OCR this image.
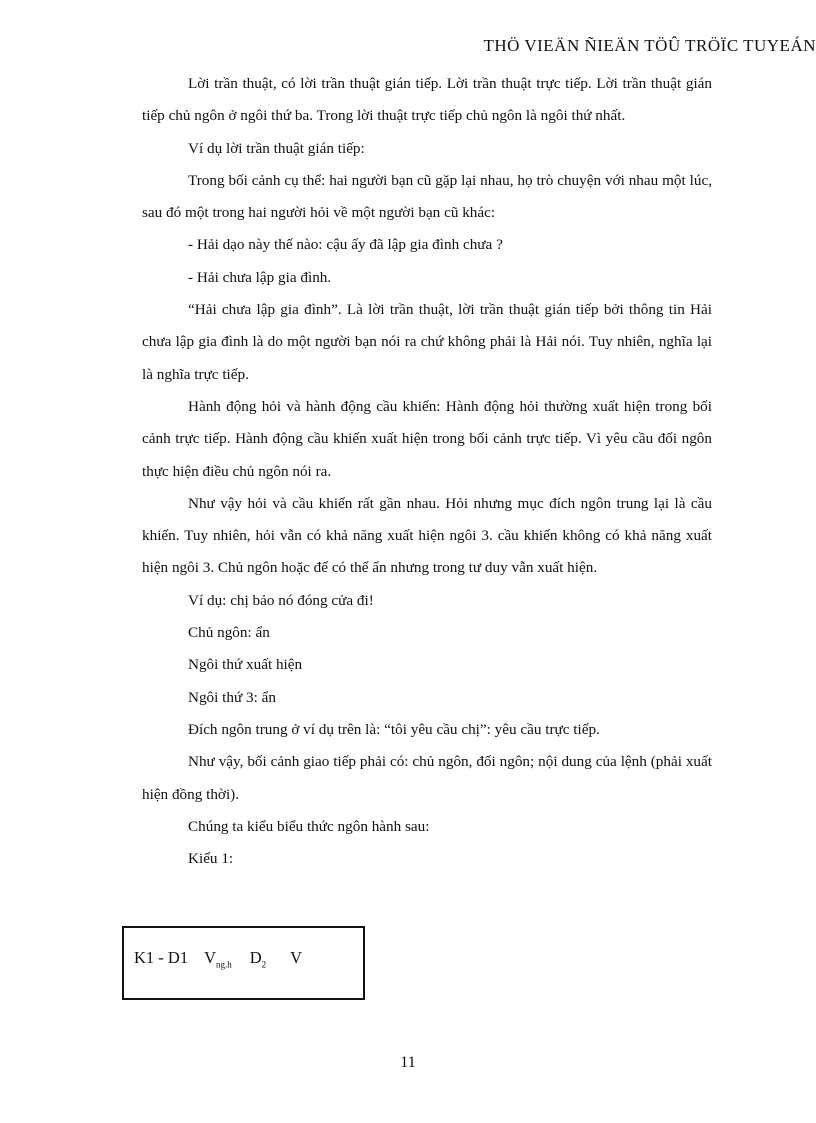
THÖ VIEÄN ÑIEÄN TÖÛ TRÖÏC TUYEÁN

Lời trần thuật, có lời trần thuật gián tiếp. Lời trần thuật trực tiếp. Lời trần thuật gián tiếp chủ ngôn ở ngôi thứ ba. Trong lời thuật trực tiếp chủ ngôn là ngôi thứ nhất.

Ví dụ lời trần thuật gián tiếp:

Trong bối cảnh cụ thể: hai người bạn cũ gặp lại nhau, họ trò chuyện với nhau một lúc, sau đó một trong hai người hỏi về một người bạn cũ khác:

- Hải dạo này thế nào: cậu ấy đã lập gia đình chưa ?

- Hải chưa lập gia đình.

“Hải chưa lập gia đình”. Là lời trần thuật, lời trần thuật gián tiếp bởi thông tin Hải chưa lập gia đình là do một người bạn nói ra chứ không phải là Hải nói. Tuy nhiên, nghĩa lại là nghĩa trực tiếp.

Hành động hỏi và hành động cầu khiến: Hành động hỏi thường xuất hiện trong bối cảnh trực tiếp. Hành động cầu khiến xuất hiện trong bối cảnh trực tiếp. Vì yêu cầu đối ngôn thực hiện điều chủ ngôn nói ra.

Như vậy hỏi và cầu khiến rất gần nhau. Hỏi nhưng mục đích ngôn trung lại là cầu khiến. Tuy nhiên, hỏi vẫn có khả năng xuất hiện ngôi 3. cầu khiến không có khả năng xuất hiện ngôi 3. Chủ ngôn hoặc để có thể ẩn nhưng trong tư duy vẫn xuất hiện.

Ví dụ: chị bảo nó đóng cửa đi!

Chủ ngôn: ẩn

Ngôi thứ xuất hiện

Ngôi thứ 3: ẩn

Đích ngôn trung ở ví dụ trên là: “tôi yêu cầu chị”: yêu cầu trực tiếp.

Như vậy, bối cảnh giao tiếp phải có: chủ ngôn, đối ngôn; nội dung của lệnh (phải xuất hiện đồng thời).

Chúng ta kiểu biểu thức ngôn hành sau:

Kiểu 1:

K1 - D1 $V_{ng.h}$ $D_2$ V
11
